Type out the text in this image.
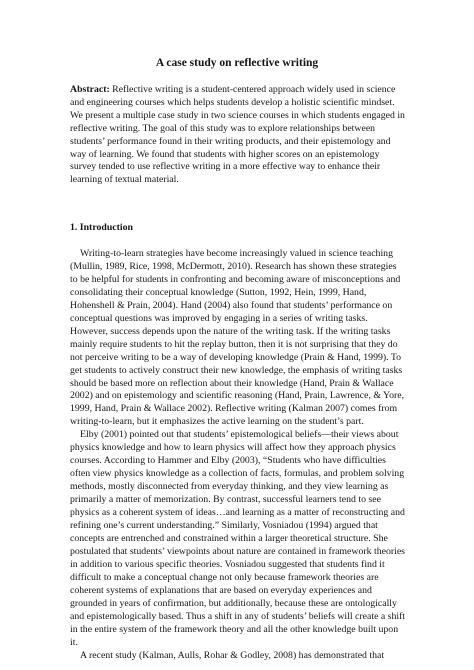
A case study on reflective writing

Abstract: Reflective writing is a student-centered approach widely used in science and engineering courses which helps students develop a holistic scientific mindset. We present a multiple case study in two science courses in which students engaged in reflective writing. The goal of this study was to explore relationships between students’ performance found in their writing products, and their epistemology and way of learning. We found that students with higher scores on an epistemology survey tended to use reflective writing in a more effective way to enhance their learning of textual material.

1. Introduction

Writing-to-learn strategies have become increasingly valued in science teaching (Mullin, 1989, Rice, 1998, McDermott, 2010). Research has shown these strategies to be helpful for students in confronting and becoming aware of misconceptions and consolidating their conceptual knowledge (Sutton, 1992, Hein, 1999, Hand, Hohenshell & Prain, 2004). Hand (2004) also found that students’ performance on conceptual questions was improved by engaging in a series of writing tasks. However, success depends upon the nature of the writing task. If the writing tasks mainly require students to hit the replay button, then it is not surprising that they do not perceive writing to be a way of developing knowledge (Prain & Hand, 1999). To get students to actively construct their new knowledge, the emphasis of writing tasks should be based more on reflection about their knowledge (Hand, Prain & Wallace 2002) and on epistemology and scientific reasoning (Hand, Prain, Lawrence, & Yore, 1999, Hand, Prain & Wallace 2002). Reflective writing (Kalman 2007) comes from writing-to-learn, but it emphasizes the active learning on the student’s part.

Elby (2001) pointed out that students’ epistemological beliefs—their views about physics knowledge and how to learn physics will affect how they approach physics courses. According to Hammer and Elby (2003), “Students who have difficulties often view physics knowledge as a collection of facts, formulas, and problem solving methods, mostly disconnected from everyday thinking, and they view learning as primarily a matter of memorization. By contrast, successful learners tend to see physics as a coherent system of ideas…and learning as a matter of reconstructing and refining one’s current understanding.” Similarly, Vosniadou (1994) argued that concepts are entrenched and constrained within a larger theoretical structure. She postulated that students’ viewpoints about nature are contained in framework theories in addition to various specific theories. Vosniadou suggested that students find it difficult to make a conceptual change not only because framework theories are coherent systems of explanations that are based on everyday experiences and grounded in years of confirmation, but additionally, because these are ontologically and epistemologically based. Thus a shift in any of students’ beliefs will create a shift in the entire system of the framework theory and all the other knowledge built upon it.

A recent study (Kalman, Aulls, Rohar & Godley, 2008) has demonstrated that
